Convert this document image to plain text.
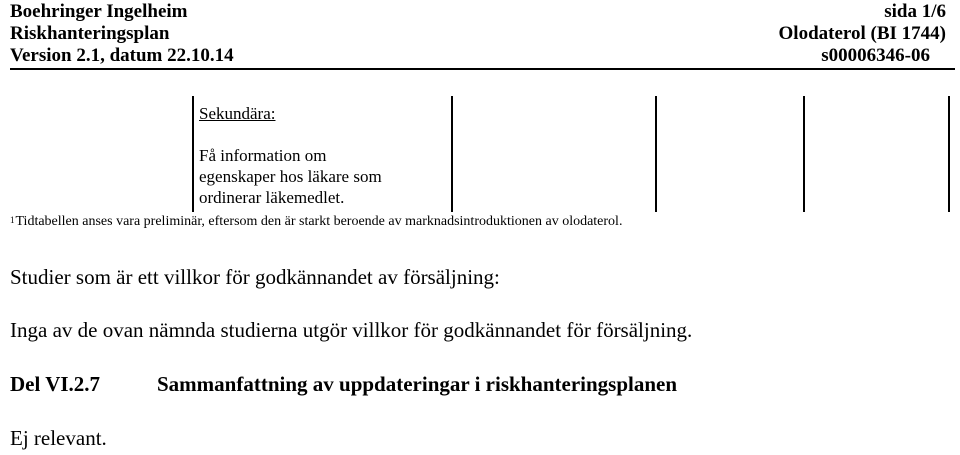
Boehringer Ingelheim
Riskhanteringsplan
Version 2.1, datum 22.10.14
sida 1/6
Olodaterol (BI 1744)
s00006346-06
Sekundära:
Få information om
egenskaper hos läkare som
ordinerar läkemedlet.
$^1$Tidtabellen anses vara preliminär, eftersom den är starkt beroende av marknadsintroduktionen av olodaterol.
Studier som är ett villkor för godkännandet av försäljning:
Inga av de ovan nämnda studierna utgör villkor för godkännandet för försäljning.
Del VI.2.7	Sammanfattning av uppdateringar i riskhanteringsplanen
Ej relevant.
